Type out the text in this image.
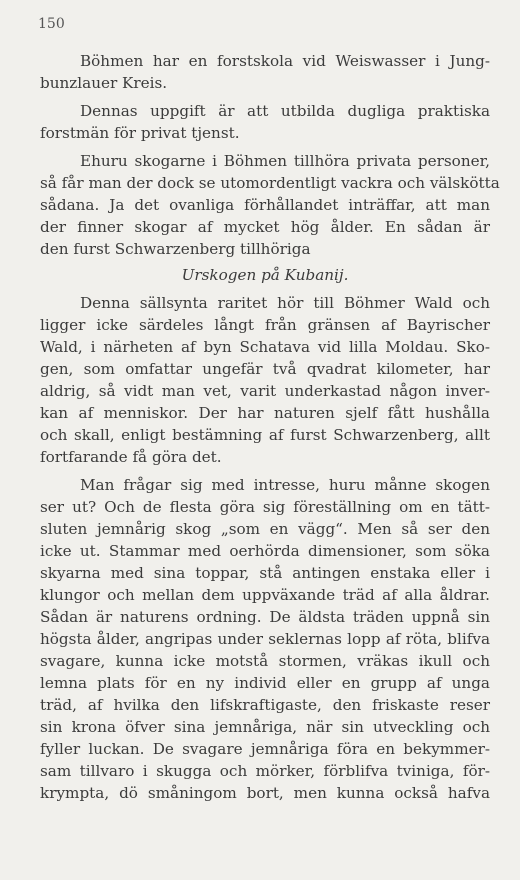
150
Böhmen har en forstskola vid Weiswasser i Jung-
bunzlauer Kreis.
Dennas uppgift är att utbilda dugliga praktiska
forstmän för privat tjenst.
Ehuru skogarne i Böhmen tillhöra privata personer,
så får man der dock se utomordentligt vackra och välskötta
sådana. Ja det ovanliga förhållandet inträffar, att man
der finner skogar af mycket hög ålder. En sådan är
den furst Schwarzenberg tillhöriga
Urskogen på Kubanij.
Denna sällsynta raritet hör till Böhmer Wald och
ligger icke särdeles långt från gränsen af Bayrischer
Wald, i närheten af byn Schatava vid lilla Moldau. Sko-
gen, som omfattar ungefär två qvadrat kilometer, har
aldrig, så vidt man vet, varit underkastad någon inver-
kan af menniskor. Der har naturen sjelf fått hushålla
och skall, enligt bestämning af furst Schwarzenberg, allt
fortfarande få göra det.
Man frågar sig med intresse, huru månne skogen
ser ut? Och de flesta göra sig föreställning om en tätt-
sluten jemnårig skog „som en vägg“. Men så ser den
icke ut. Stammar med oerhörda dimensioner, som söka
skyarna med sina toppar, stå antingen enstaka eller i
klungor och mellan dem uppväxande träd af alla åldrar.
Sådan är naturens ordning. De äldsta träden uppnå sin
högsta ålder, angripas under seklernas lopp af röta, blifva
svagare, kunna icke motstå stormen, vräkas ikull och
lemna plats för en ny individ eller en grupp af unga
träd, af hvilka den lifskraftigaste, den friskaste reser
sin krona öfver sina jemnåriga, när sin utveckling och
fyller luckan. De svagare jemnåriga föra en bekymmer-
sam tillvaro i skugga och mörker, förblifva tviniga, för-
krympta, dö småningom bort, men kunna också hafva
